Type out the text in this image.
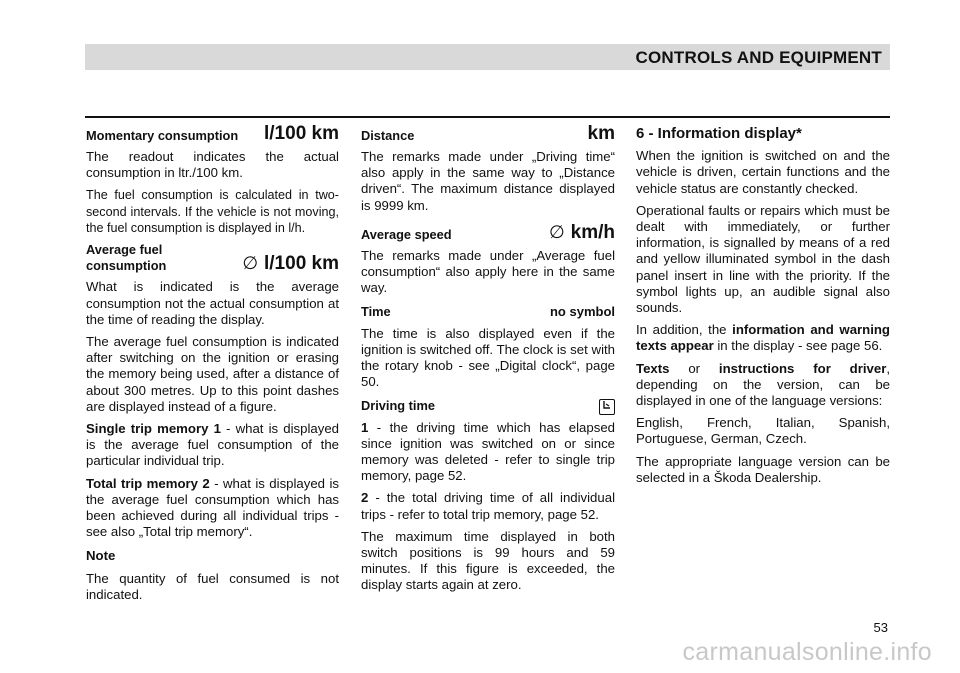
CONTROLS AND EQUIPMENT
Momentary consumption l/100 km

The readout indicates the actual consumption in ltr./100 km.

The fuel consumption is calculated in two-second intervals. If the vehicle is not moving, the fuel consumption is displayed in l/h.

Average fuel consumption	∅ l/100 km

What is indicated is the average consumption not the actual consumption at the time of reading the display.

The average fuel consumption is indicated after switching on the ignition or erasing the memory being used, after a distance of about 300 metres. Up to this point dashes are displayed instead of a figure.

Single trip memory 1 - what is displayed is the average fuel consumption of the particular individual trip.

Total trip memory 2 - what is displayed is the average fuel consumption which has been achieved during all individual trips - see also „Total trip memory“.

Note

The quantity of fuel consumed is not indicated.

Distance	km

The remarks made under „Driving time“ also apply in the same way to „Distance driven“. The maximum distance displayed is 9999 km.

Average speed	∅ km/h

The remarks made under „Average fuel consumption“ also apply here in the same way.

Time	no symbol

The time is also displayed even if the ignition is switched off. The clock is set with the rotary knob - see „Digital clock“, page 50.

Driving time

1 - the driving time which has elapsed since ignition was switched on or since memory was deleted - refer to single trip memory, page 52.

2 - the total driving time of all individual trips - refer to total trip memory, page 52.

The maximum time displayed in both switch positions is 99 hours and 59 minutes. If this figure is exceeded, the display starts again at zero.

6 - Information display*

When the ignition is switched on and the vehicle is driven, certain functions and the vehicle status are constantly checked.

Operational faults or repairs which must be dealt with immediately, or further information, is signalled by means of a red and yellow illuminated symbol in the dash panel insert in line with the priority. If the symbol lights up, an audible signal also sounds.

In addition, the information and warning texts appear in the display - see page 56.

Texts or instructions for driver, depending on the version, can be displayed in one of the language versions:

English, French, Italian, Spanish, Portuguese, German, Czech.

The appropriate language version can be selected in a Škoda Dealership.

53
carmanualsonline.info
